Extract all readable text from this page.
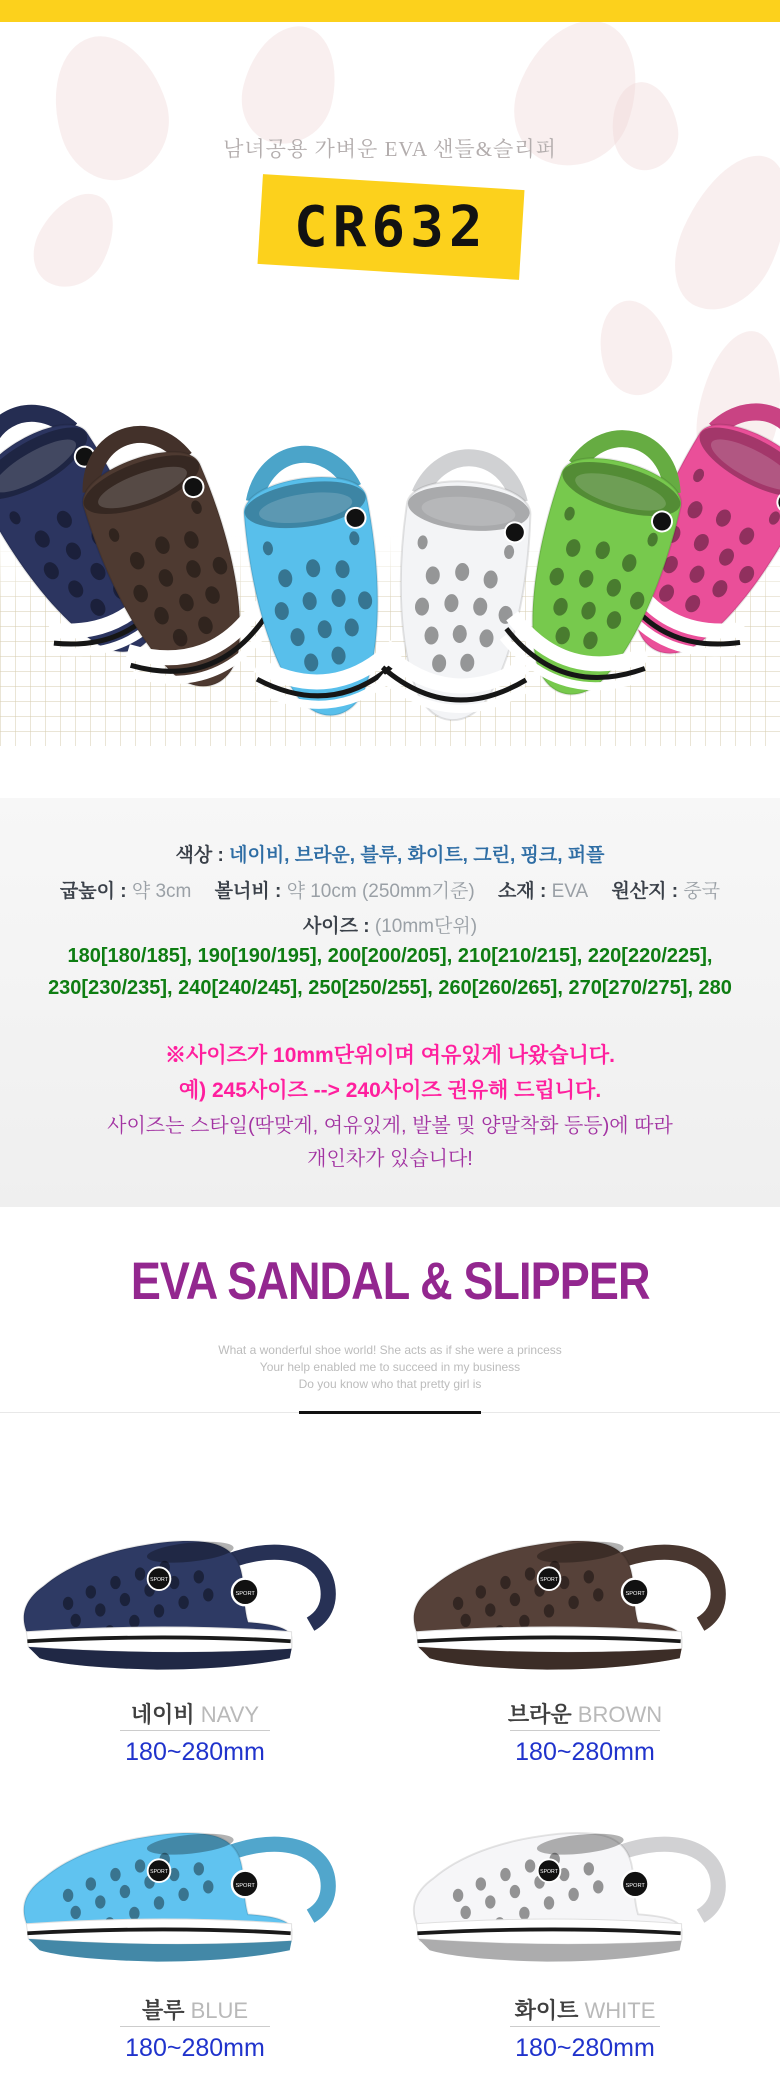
남녀공용 가벼운 EVA 샌들&슬리퍼
CR632
색상 : 네이비, 브라운, 블루, 화이트, 그린, 핑크, 퍼플
굽높이 : 약 3cm 볼너비 : 약 10cm (250mm기준) 소재 : EVA 원산지 : 중국
사이즈 : (10mm단위)
180[180/185], 190[190/195], 200[200/205], 210[210/215], 220[220/225],
230[230/235], 240[240/245], 250[250/255], 260[260/265], 270[270/275], 280
※사이즈가 10mm단위이며 여유있게 나왔습니다.
예) 245사이즈 --> 240사이즈 권유해 드립니다.
사이즈는 스타일(딱맞게, 여유있게, 발볼 및 양말착화 등등)에 따라
개인차가 있습니다!
EVA SANDAL & SLIPPER
What a wonderful shoe world! She acts as if she were a princess
Your help enabled me to succeed in my business
Do you know who that pretty girl is
네이비 NAVY	브라운 BROWN
180~280mm	180~280mm
블루 BLUE	화이트 WHITE
180~280mm	180~280mm
